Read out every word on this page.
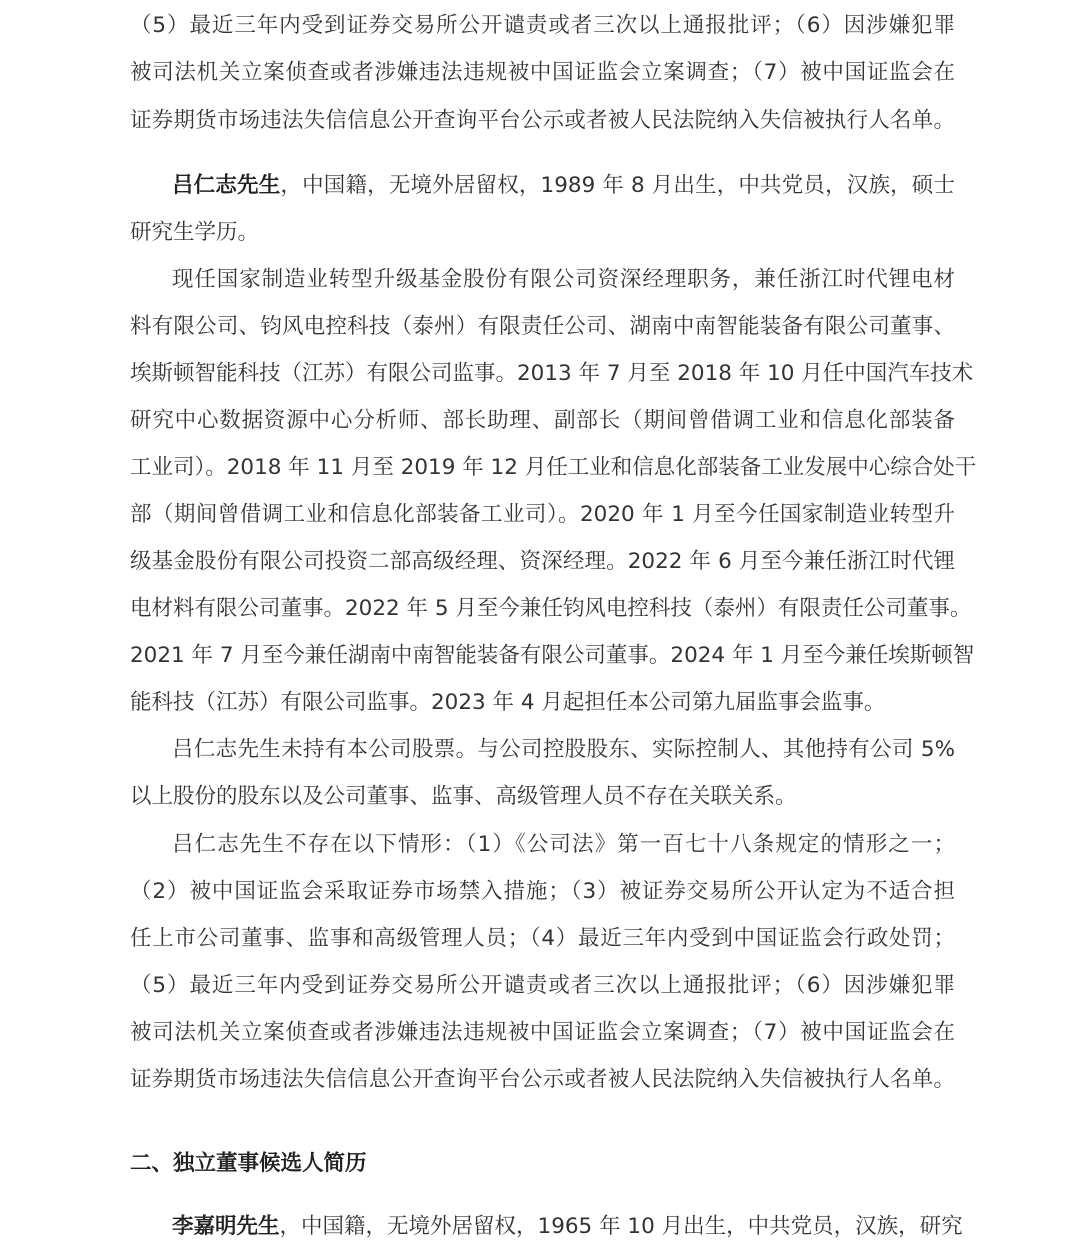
（5）最近三年内受到证券交易所公开谴责或者三次以上通报批评；（6）因涉嫌犯罪
被司法机关立案侦查或者涉嫌违法违规被中国证监会立案调查；（7）被中国证监会在
证券期货市场违法失信信息公开查询平台公示或者被人民法院纳入失信被执行人名单。
吕仁志先生，中国籍，无境外居留权，1989 年 8 月出生，中共党员，汉族，硕士
研究生学历。
现任国家制造业转型升级基金股份有限公司资深经理职务，兼任浙江时代锂电材
料有限公司、钧风电控科技（泰州）有限责任公司、湖南中南智能装备有限公司董事、
埃斯顿智能科技（江苏）有限公司监事。2013 年 7 月至 2018 年 10 月任中国汽车技术
研究中心数据资源中心分析师、部长助理、副部长（期间曾借调工业和信息化部装备
工业司）。2018 年 11 月至 2019 年 12 月任工业和信息化部装备工业发展中心综合处干
部（期间曾借调工业和信息化部装备工业司）。2020 年 1 月至今任国家制造业转型升
级基金股份有限公司投资二部高级经理、资深经理。2022 年 6 月至今兼任浙江时代锂
电材料有限公司董事。2022 年 5 月至今兼任钧风电控科技（泰州）有限责任公司董事。
2021 年 7 月至今兼任湖南中南智能装备有限公司董事。2024 年 1 月至今兼任埃斯顿智
能科技（江苏）有限公司监事。2023 年 4 月起担任本公司第九届监事会监事。
吕仁志先生未持有本公司股票。与公司控股股东、实际控制人、其他持有公司 5%
以上股份的股东以及公司董事、监事、高级管理人员不存在关联关系。
吕仁志先生不存在以下情形：（1）《公司法》第一百七十八条规定的情形之一；
（2）被中国证监会采取证券市场禁入措施；（3）被证券交易所公开认定为不适合担
任上市公司董事、监事和高级管理人员；（4）最近三年内受到中国证监会行政处罚；
（5）最近三年内受到证券交易所公开谴责或者三次以上通报批评；（6）因涉嫌犯罪
被司法机关立案侦查或者涉嫌违法违规被中国证监会立案调查；（7）被中国证监会在
证券期货市场违法失信信息公开查询平台公示或者被人民法院纳入失信被执行人名单。
二、独立董事候选人简历
李嘉明先生，中国籍，无境外居留权，1965 年 10 月出生，中共党员，汉族，研究
